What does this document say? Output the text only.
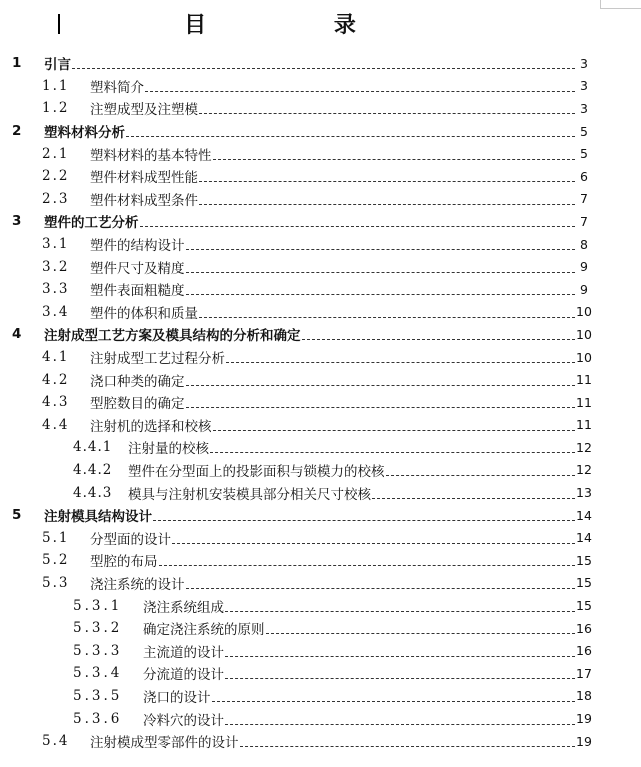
目 录
1 引言	3
1.1 塑料简介	3
1.2 注塑成型及注塑模	3
2 塑料材料分析	5
2.1 塑料材料的基本特性	5
2.2 塑件材料成型性能	6
2.3 塑件材料成型条件	7
3 塑件的工艺分析	7
3.1 塑件的结构设计	8
3.2 塑件尺寸及精度	9
3.3 塑件表面粗糙度	9
3.4 塑件的体积和质量	10
4 注射成型工艺方案及模具结构的分析和确定	10
4.1 注射成型工艺过程分析	10
4.2 浇口种类的确定	11
4.3 型腔数目的确定	11
4.4 注射机的选择和校核	11
4.4.1 注射量的校核	12
4.4.2 塑件在分型面上的投影面积与锁模力的校核	12
4.4.3 模具与注射机安装模具部分相关尺寸校核	13
5 注射模具结构设计	14
5.1 分型面的设计	14
5.2 型腔的布局	15
5.3 浇注系统的设计	15
5.3.1 浇注系统组成	15
5.3.2 确定浇注系统的原则	16
5.3.3 主流道的设计	16
5.3.4 分流道的设计	17
5.3.5 浇口的设计	18
5.3.6 冷料穴的设计	19
5.4 注射模成型零部件的设计	19
